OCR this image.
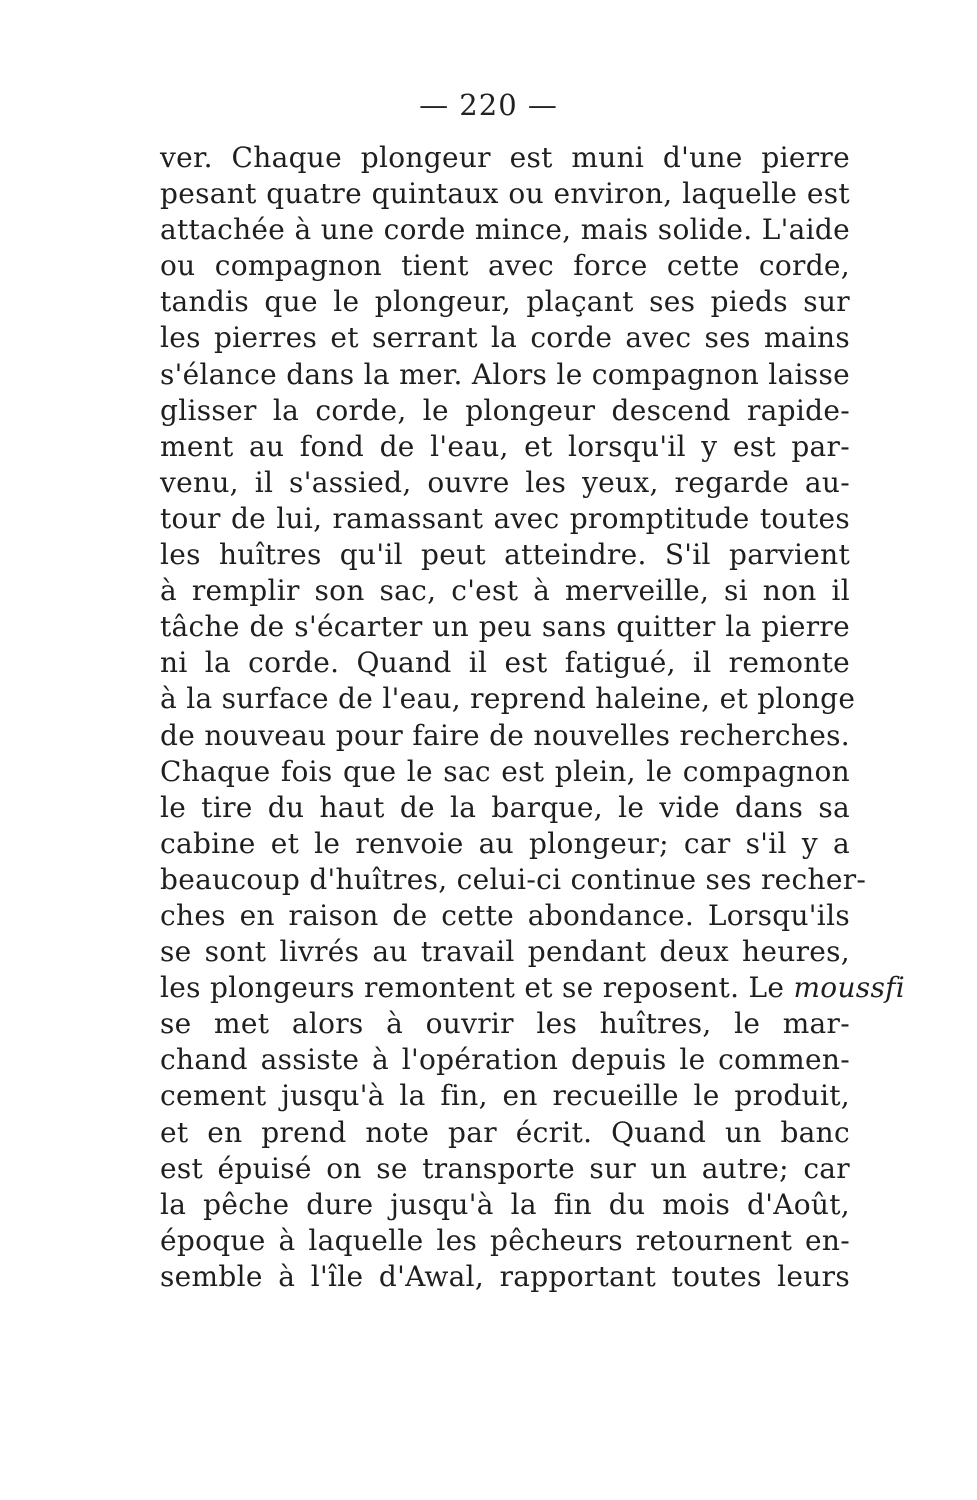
— 220 —
ver. Chaque plongeur est muni d'une pierre
pesant quatre quintaux ou environ, laquelle est
attachée à une corde mince, mais solide. L'aide
ou compagnon tient avec force cette corde,
tandis que le plongeur, plaçant ses pieds sur
les pierres et serrant la corde avec ses mains
s'élance dans la mer. Alors le compagnon laisse
glisser la corde, le plongeur descend rapide-
ment au fond de l'eau, et lorsqu'il y est par-
venu, il s'assied, ouvre les yeux, regarde au-
tour de lui, ramassant avec promptitude toutes
les huîtres qu'il peut atteindre. S'il parvient
à remplir son sac, c'est à merveille, si non il
tâche de s'écarter un peu sans quitter la pierre
ni la corde. Quand il est fatigué, il remonte
à la surface de l'eau, reprend haleine, et plonge
de nouveau pour faire de nouvelles recherches.
Chaque fois que le sac est plein, le compagnon
le tire du haut de la barque, le vide dans sa
cabine et le renvoie au plongeur; car s'il y a
beaucoup d'huîtres, celui-ci continue ses recher-
ches en raison de cette abondance. Lorsqu'ils
se sont livrés au travail pendant deux heures,
les plongeurs remontent et se reposent. Le moussfi
se met alors à ouvrir les huîtres, le mar-
chand assiste à l'opération depuis le commen-
cement jusqu'à la fin, en recueille le produit,
et en prend note par écrit. Quand un banc
est épuisé on se transporte sur un autre; car
la pêche dure jusqu'à la fin du mois d'Août,
époque à laquelle les pêcheurs retournent en-
semble à l'île d'Awal, rapportant toutes leurs
